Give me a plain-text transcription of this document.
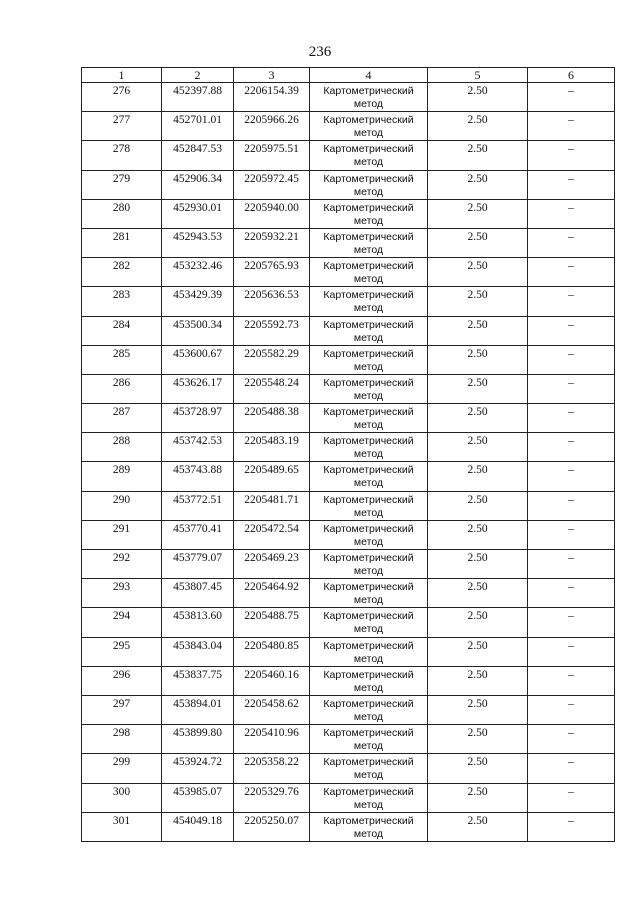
236
1	2	3	4	5	6
276	452397.88	2206154.39	Картометрический метод	2.50	–
277	452701.01	2205966.26	Картометрический метод	2.50	–
278	452847.53	2205975.51	Картометрический метод	2.50	–
279	452906.34	2205972.45	Картометрический метод	2.50	–
280	452930.01	2205940.00	Картометрический метод	2.50	–
281	452943.53	2205932.21	Картометрический метод	2.50	–
282	453232.46	2205765.93	Картометрический метод	2.50	–
283	453429.39	2205636.53	Картометрический метод	2.50	–
284	453500.34	2205592.73	Картометрический метод	2.50	–
285	453600.67	2205582.29	Картометрический метод	2.50	–
286	453626.17	2205548.24	Картометрический метод	2.50	–
287	453728.97	2205488.38	Картометрический метод	2.50	–
288	453742.53	2205483.19	Картометрический метод	2.50	–
289	453743.88	2205489.65	Картометрический метод	2.50	–
290	453772.51	2205481.71	Картометрический метод	2.50	–
291	453770.41	2205472.54	Картометрический метод	2.50	–
292	453779.07	2205469.23	Картометрический метод	2.50	–
293	453807.45	2205464.92	Картометрический метод	2.50	–
294	453813.60	2205488.75	Картометрический метод	2.50	–
295	453843.04	2205480.85	Картометрический метод	2.50	–
296	453837.75	2205460.16	Картометрический метод	2.50	–
297	453894.01	2205458.62	Картометрический метод	2.50	–
298	453899.80	2205410.96	Картометрический метод	2.50	–
299	453924.72	2205358.22	Картометрический метод	2.50	–
300	453985.07	2205329.76	Картометрический метод	2.50	–
301	454049.18	2205250.07	Картометрический метод	2.50	–
